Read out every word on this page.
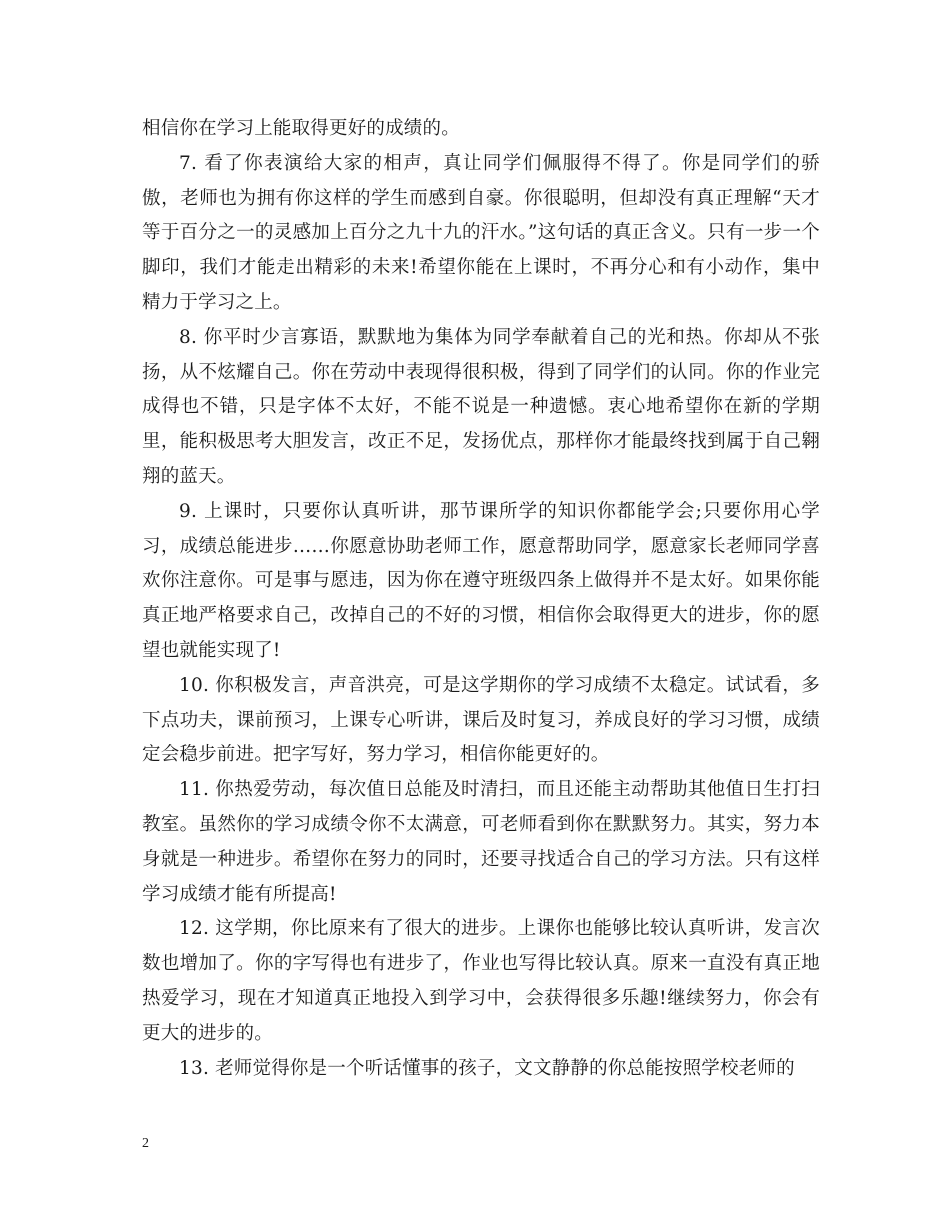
相信你在学习上能取得更好的成绩的。

7. 看了你表演给大家的相声，真让同学们佩服得不得了。你是同学们的骄傲，老师也为拥有你这样的学生而感到自豪。你很聪明，但却没有真正理解“天才等于百分之一的灵感加上百分之九十九的汗水。”这句话的真正含义。只有一步一个脚印，我们才能走出精彩的未来!希望你能在上课时，不再分心和有小动作，集中精力于学习之上。

8. 你平时少言寡语，默默地为集体为同学奉献着自己的光和热。你却从不张扬，从不炫耀自己。你在劳动中表现得很积极，得到了同学们的认同。你的作业完成得也不错，只是字体不太好，不能不说是一种遗憾。衷心地希望你在新的学期里，能积极思考大胆发言，改正不足，发扬优点，那样你才能最终找到属于自己翱翔的蓝天。

9. 上课时，只要你认真听讲，那节课所学的知识你都能学会;只要你用心学习，成绩总能进步……你愿意协助老师工作，愿意帮助同学，愿意家长老师同学喜欢你注意你。可是事与愿违，因为你在遵守班级四条上做得并不是太好。如果你能真正地严格要求自己，改掉自己的不好的习惯，相信你会取得更大的进步，你的愿望也就能实现了!

10. 你积极发言，声音洪亮，可是这学期你的学习成绩不太稳定。试试看，多下点功夫，课前预习，上课专心听讲，课后及时复习，养成良好的学习习惯，成绩定会稳步前进。把字写好，努力学习，相信你能更好的。

11. 你热爱劳动，每次值日总能及时清扫，而且还能主动帮助其他值日生打扫教室。虽然你的学习成绩令你不太满意，可老师看到你在默默努力。其实，努力本身就是一种进步。希望你在努力的同时，还要寻找适合自己的学习方法。只有这样学习成绩才能有所提高!

12. 这学期，你比原来有了很大的进步。上课你也能够比较认真听讲，发言次数也增加了。你的字写得也有进步了，作业也写得比较认真。原来一直没有真正地热爱学习，现在才知道真正地投入到学习中，会获得很多乐趣!继续努力，你会有更大的进步的。

13. 老师觉得你是一个听话懂事的孩子，文文静静的你总能按照学校老师的

2
